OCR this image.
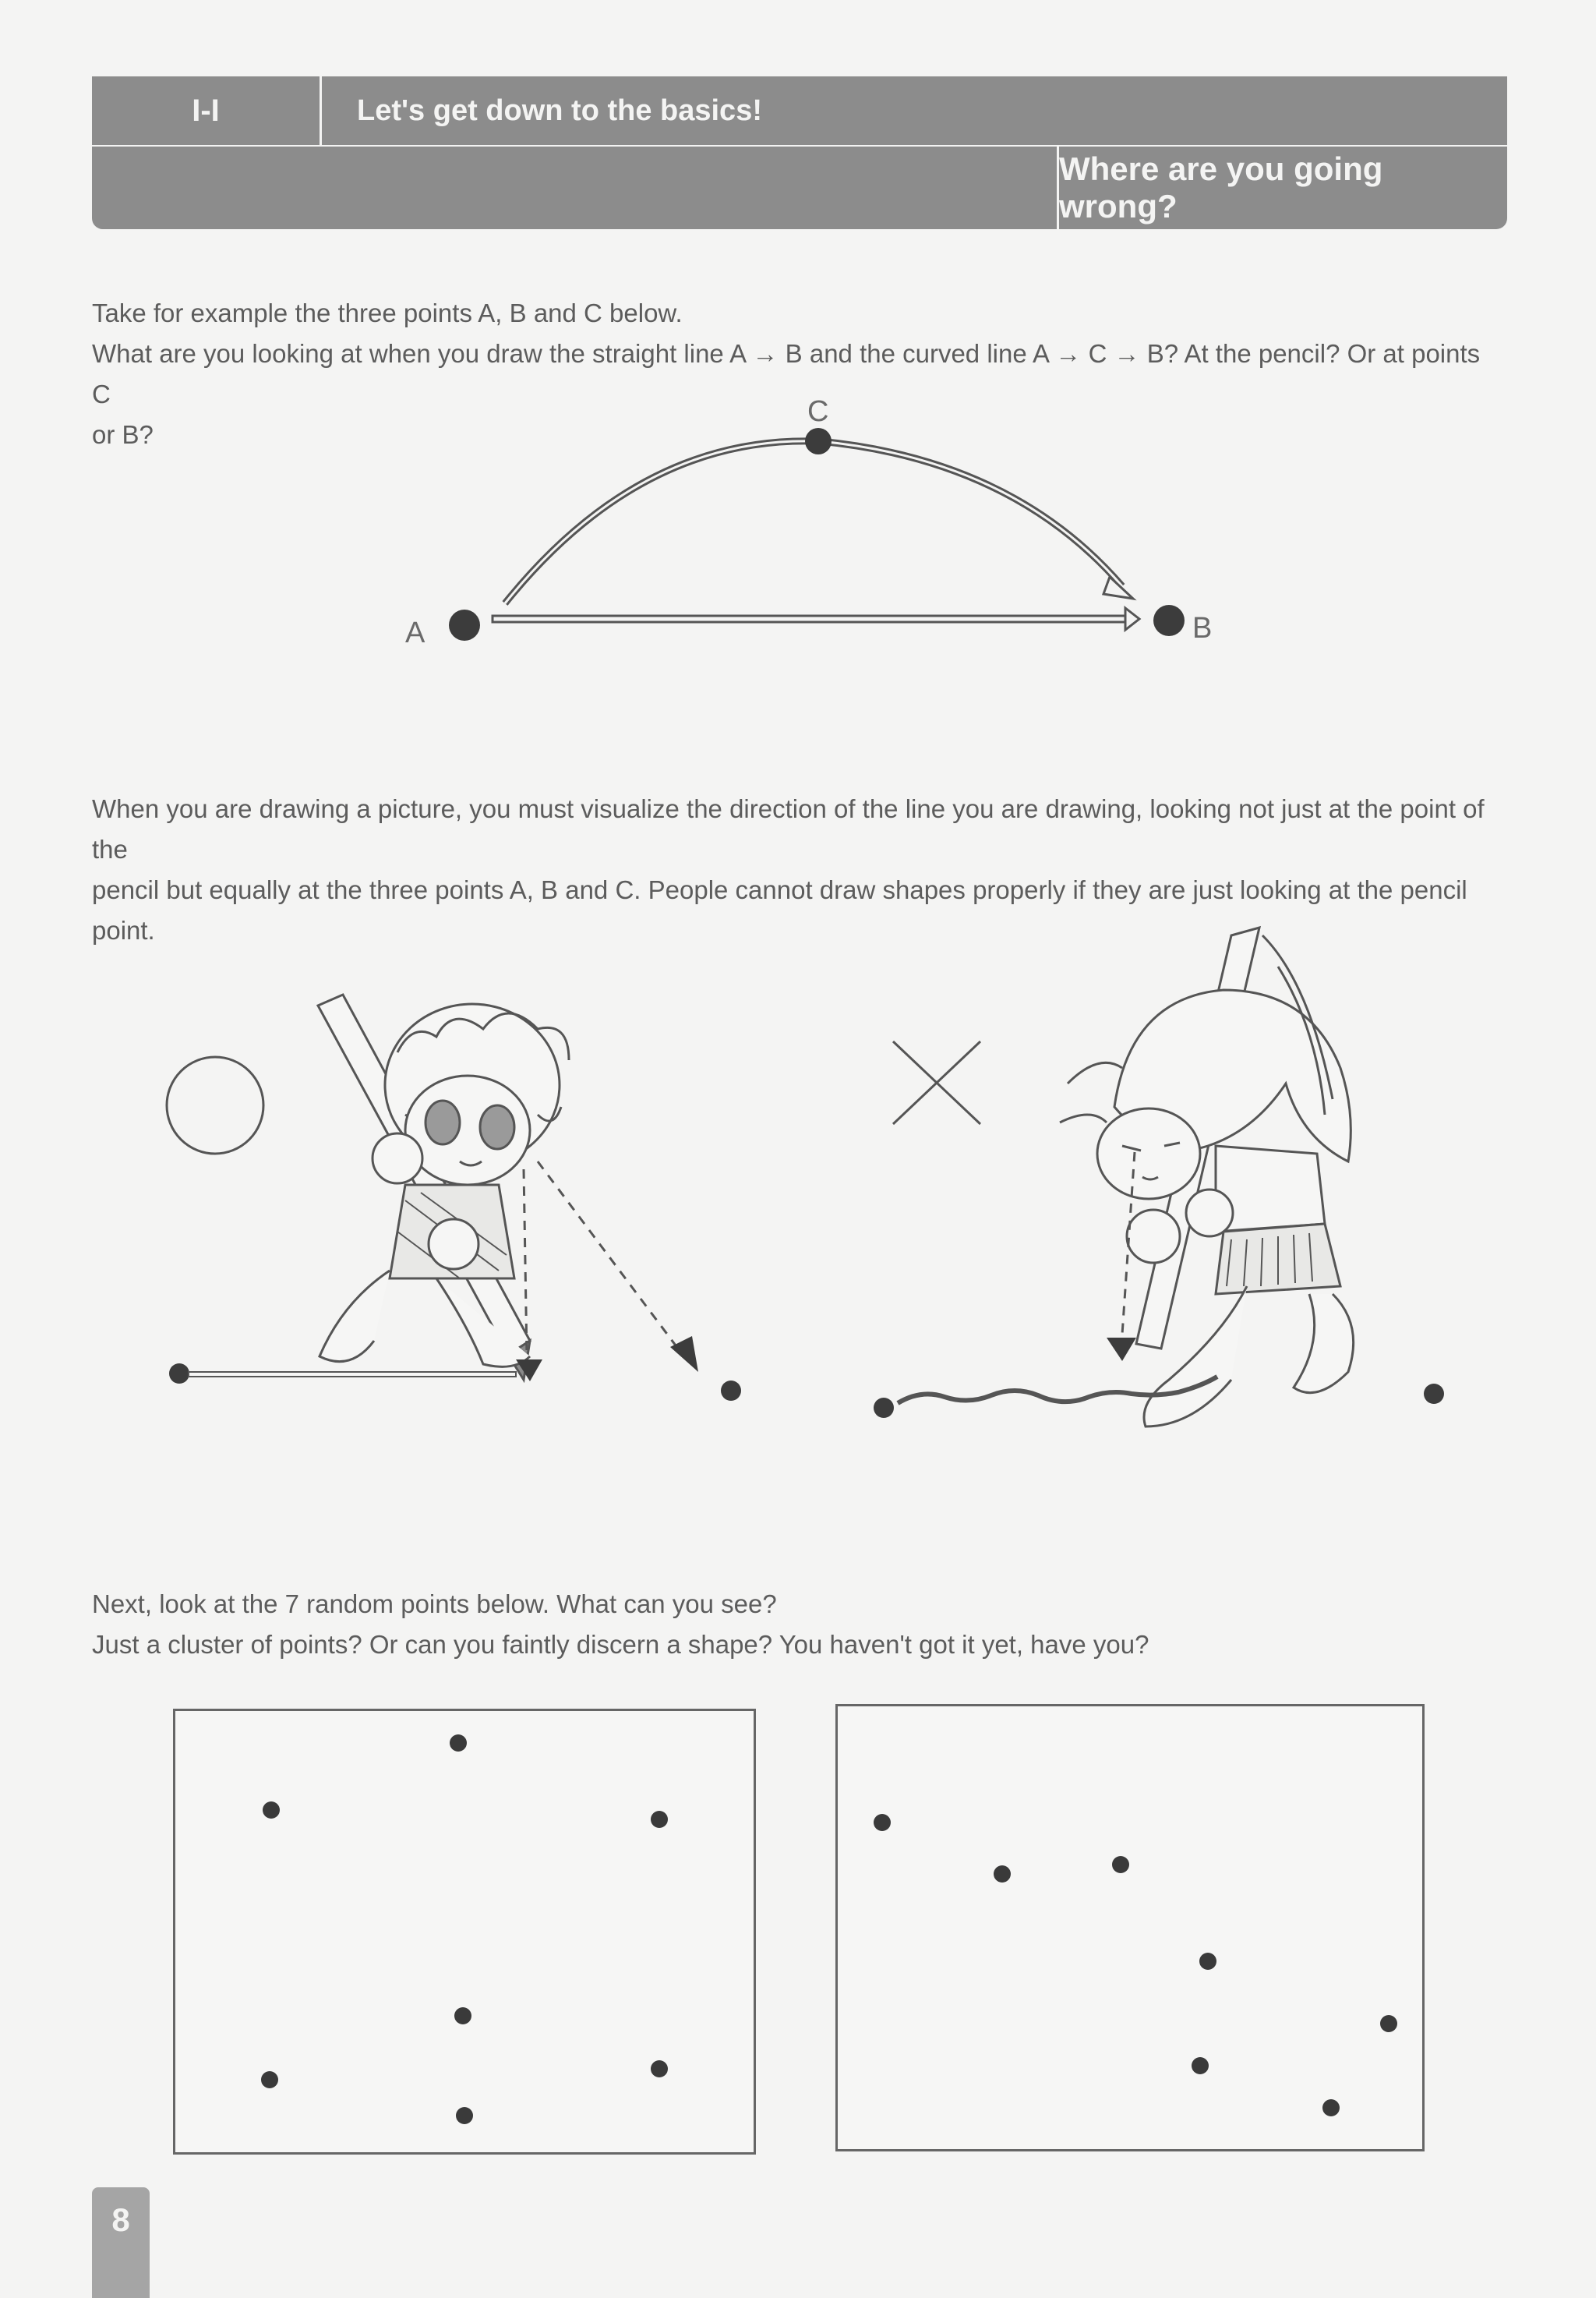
I-I	Let's get down to the basics!
Where are you going wrong?

Take for example the three points A, B and C below.

What are you looking at when you draw the straight line A → B and the curved line A → C → B? At the pencil? Or at points C

or B?

A	B
C

When you are drawing a picture, you must visualize the direction of the line you are drawing, looking not just at the point of the

pencil but equally at the three points A, B and C. People cannot draw shapes properly if they are just looking at the pencil point.

Next, look at the 7 random points below. What can you see?

Just a cluster of points? Or can you faintly discern a shape? You haven't got it yet, have you?

8
